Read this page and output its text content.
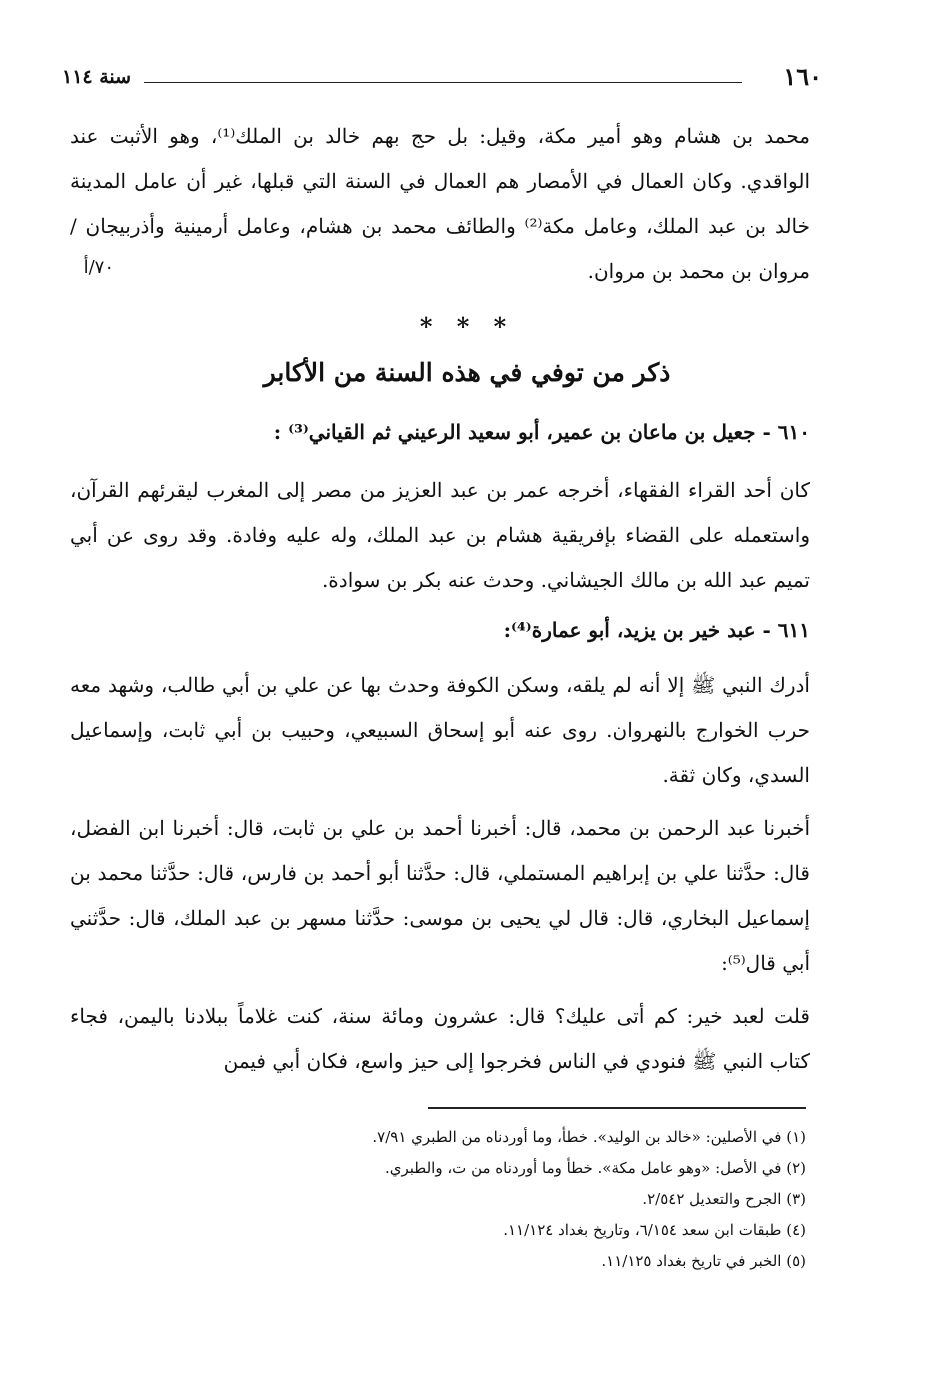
١٦٠
سنة ١١٤

محمد بن هشام وهو أمير مكة، وقيل: بل حج بهم خالد بن الملك⁽¹⁾، وهو الأثبت عند الواقدي. وكان العمال في الأمصار هم العمال في السنة التي قبلها، غير أن عامل المدينة خالد بن عبد الملك، وعامل مكة⁽²⁾ والطائف محمد بن هشام، وعامل أرمينية وأذربيجان / مروان بن محمد بن مروان.

٧٠/أ
* * *
ذكر من توفي في هذه السنة من الأكابر
٦١٠ - جعيل بن ماعان بن عمير، أبو سعيد الرعيني ثم القياني⁽³⁾ :

كان أحد القراء الفقهاء، أخرجه عمر بن عبد العزيز من مصر إلى المغرب ليقرئهم القرآن، واستعمله على القضاء بإفريقية هشام بن عبد الملك، وله عليه وفادة. وقد روى عن أبي تميم عبد الله بن مالك الجيشاني. وحدث عنه بكر بن سوادة.

٦١١ - عبد خير بن يزيد، أبو عمارة⁽⁴⁾:

أدرك النبي ﷺ إلا أنه لم يلقه، وسكن الكوفة وحدث بها عن علي بن أبي طالب، وشهد معه حرب الخوارج بالنهروان. روى عنه أبو إسحاق السبيعي، وحبيب بن أبي ثابت، وإسماعيل السدي، وكان ثقة.

أخبرنا عبد الرحمن بن محمد، قال: أخبرنا أحمد بن علي بن ثابت، قال: أخبرنا ابن الفضل، قال: حدَّثنا علي بن إبراهيم المستملي، قال: حدَّثنا أبو أحمد بن فارس، قال: حدَّثنا محمد بن إسماعيل البخاري، قال: قال لي يحيى بن موسى: حدَّثنا مسهر بن عبد الملك، قال: حدَّثني أبي قال⁽⁵⁾:

قلت لعبد خير: كم أتى عليك؟ قال: عشرون ومائة سنة، كنت غلاماً ببلادنا باليمن، فجاء كتاب النبي ﷺ فنودي في الناس فخرجوا إلى حيز واسع، فكان أبي فيمن

(١) في الأصلين: «خالد بن الوليد». خطأ، وما أوردناه من الطبري ٧/٩١.
(٢) في الأصل: «وهو عامل مكة». خطأ وما أوردناه من ت، والطبري.
(٣) الجرح والتعديل ٢/٥٤٢.
(٤) طبقات ابن سعد ٦/١٥٤، وتاريخ بغداد ١١/١٢٤.
(٥) الخبر في تاريخ بغداد ١١/١٢٥.
